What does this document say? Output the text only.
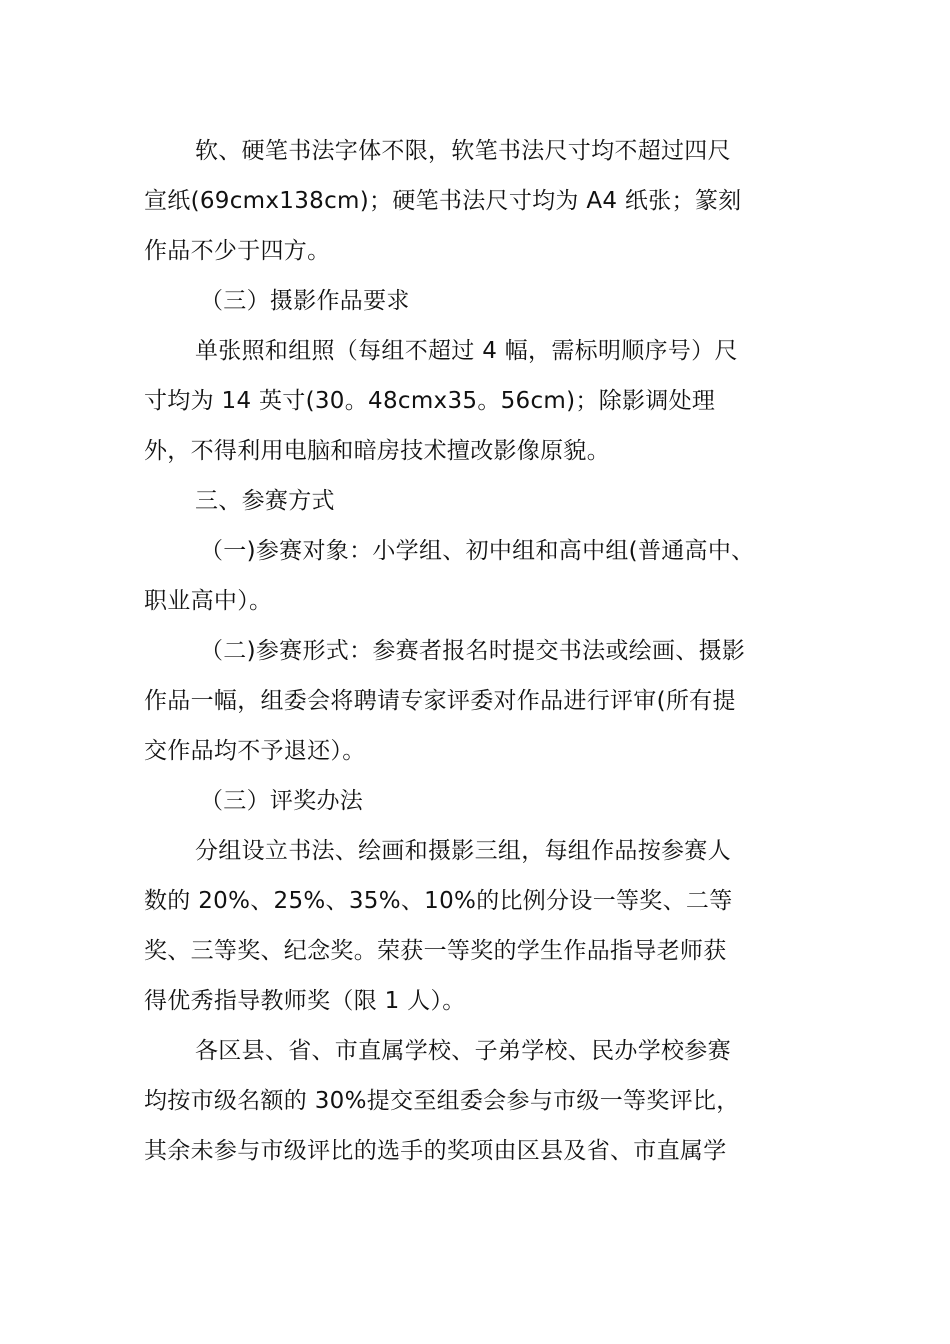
软、硬笔书法字体不限，软笔书法尺寸均不超过四尺
宣纸(69cmx138cm)；硬笔书法尺寸均为 A4 纸张；篆刻
作品不少于四方。
（三）摄影作品要求
单张照和组照（每组不超过 4 幅，需标明顺序号）尺
寸均为 14 英寸(30。48cmx35。56cm)；除影调处理
外，不得利用电脑和暗房技术擅改影像原貌。
三、参赛方式
（一)参赛对象：小学组、初中组和高中组(普通高中、
职业高中）。
（二)参赛形式：参赛者报名时提交书法或绘画、摄影
作品一幅，组委会将聘请专家评委对作品进行评审(所有提
交作品均不予退还）。
（三）评奖办法
分组设立书法、绘画和摄影三组，每组作品按参赛人
数的 20%、25%、35%、10%的比例分设一等奖、二等
奖、三等奖、纪念奖。荣获一等奖的学生作品指导老师获
得优秀指导教师奖（限 1 人）。
各区县、省、市直属学校、子弟学校、民办学校参赛
均按市级名额的 30%提交至组委会参与市级一等奖评比，
其余未参与市级评比的选手的奖项由区县及省、市直属学
